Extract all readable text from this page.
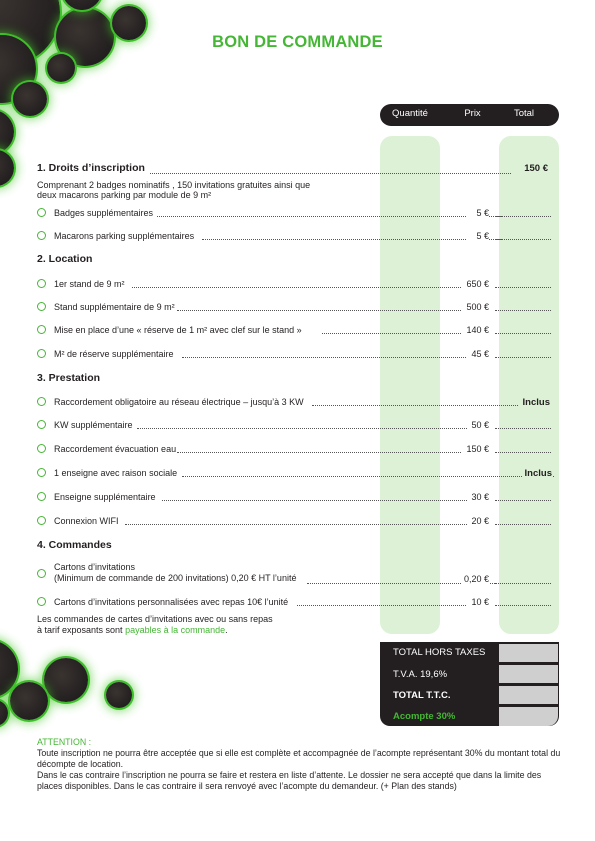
BON DE COMMANDE
Quantité	Prix	Total
1. Droits d’inscription	150 €
Comprenant 2 badges nominatifs , 150 invitations gratuites ainsi que
deux macarons parking par module de 9 m²
Badges supplémentaires	5 €
Macarons parking supplémentaires	5 €
2. Location
1er stand de 9 m²	650 €
Stand supplémentaire de 9 m²	500 €
Mise en place d’une « réserve de 1 m² avec clef sur le stand »	140 €
M² de réserve supplémentaire	45 €
3. Prestation
Raccordement obligatoire au réseau électrique – jusqu’à 3 KW	Inclus
KW supplémentaire	50 €
Raccordement évacuation eau	150 €
1 enseigne avec raison sociale	Inclus
Enseigne supplémentaire	30 €
Connexion WIFI	20 €
4. Commandes
Cartons d’invitations
(Minimum de commande de 200 invitations) 0,20 € HT l’unité	0,20 €
Cartons d’invitations personnalisées avec repas 10€ l’unité	10 €
Les commandes de cartes d’invitations avec ou sans repas
à tarif exposants sont payables à la commande.
TOTAL HORS TAXES
T.V.A. 19,6%
TOTAL T.T.C.
Acompte 30%
ATTENTION :
Toute inscription ne pourra être acceptée que si elle est complète et accompagnée de l’acompte représentant 30% du montant total du décompte de location.
Dans le cas contraire l’inscription ne pourra se faire et restera en liste d’attente. Le dossier ne sera accepté que dans la limite des places disponibles. Dans le cas contraire il sera renvoyé avec l’acompte du demandeur. (+ Plan des stands)
